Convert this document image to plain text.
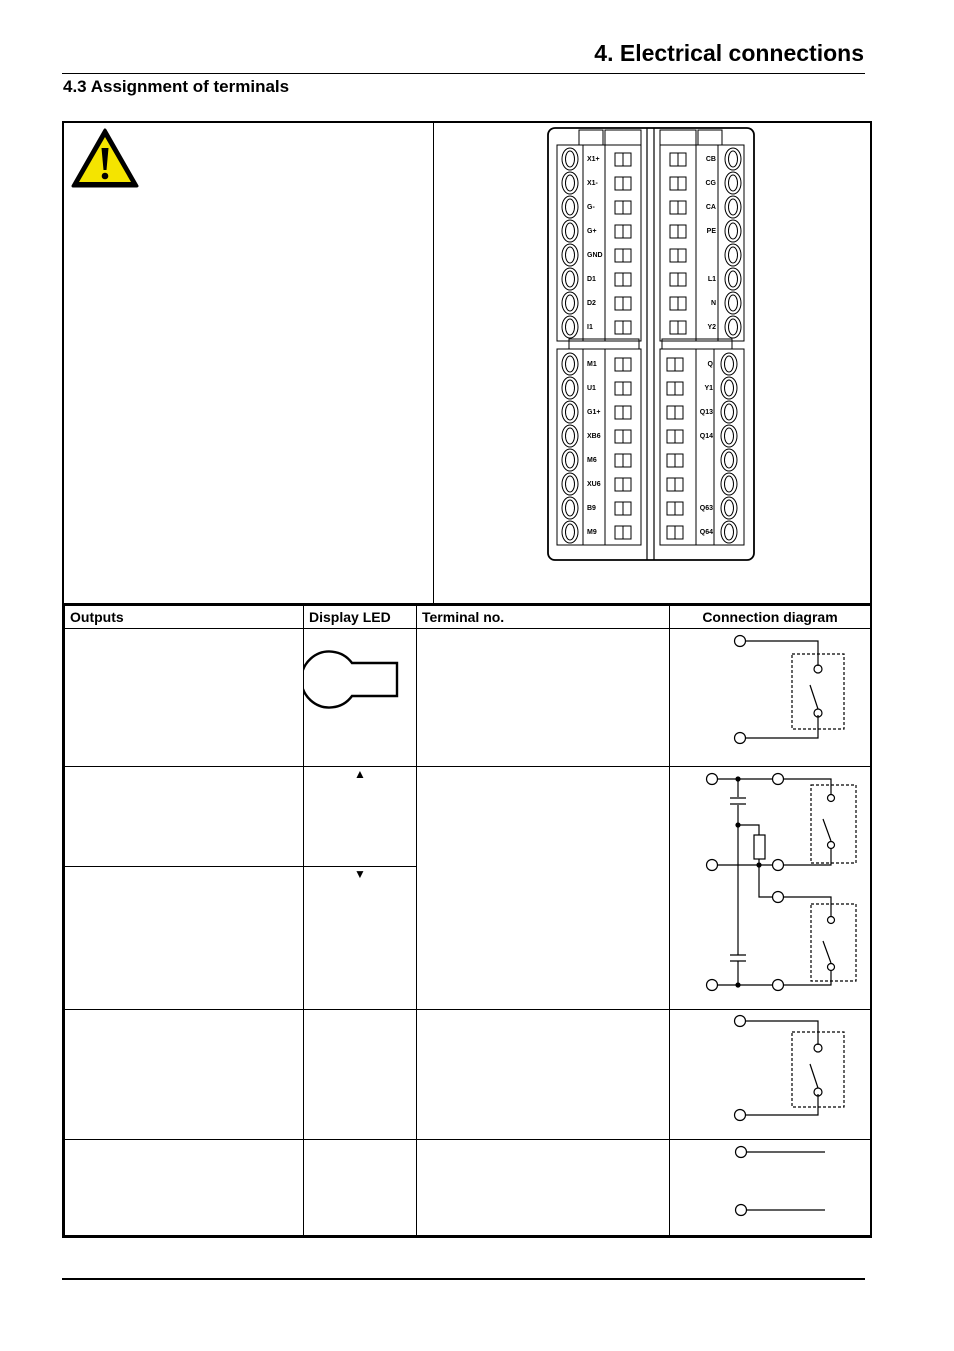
4. Electrical connections
4.3 Assignment of terminals
X1+	CB
X1-	CG
G-	CA
G+	PE
GND
D1	L1
D2	N
I1	Y2
M1	Q
U1	Y1
G1+	Q13
XB6	Q14
M6
XU6
B9	Q63
M9	Q64
Outputs	Display LED	Terminal no.	Connection diagram

	▲		

	▼		
